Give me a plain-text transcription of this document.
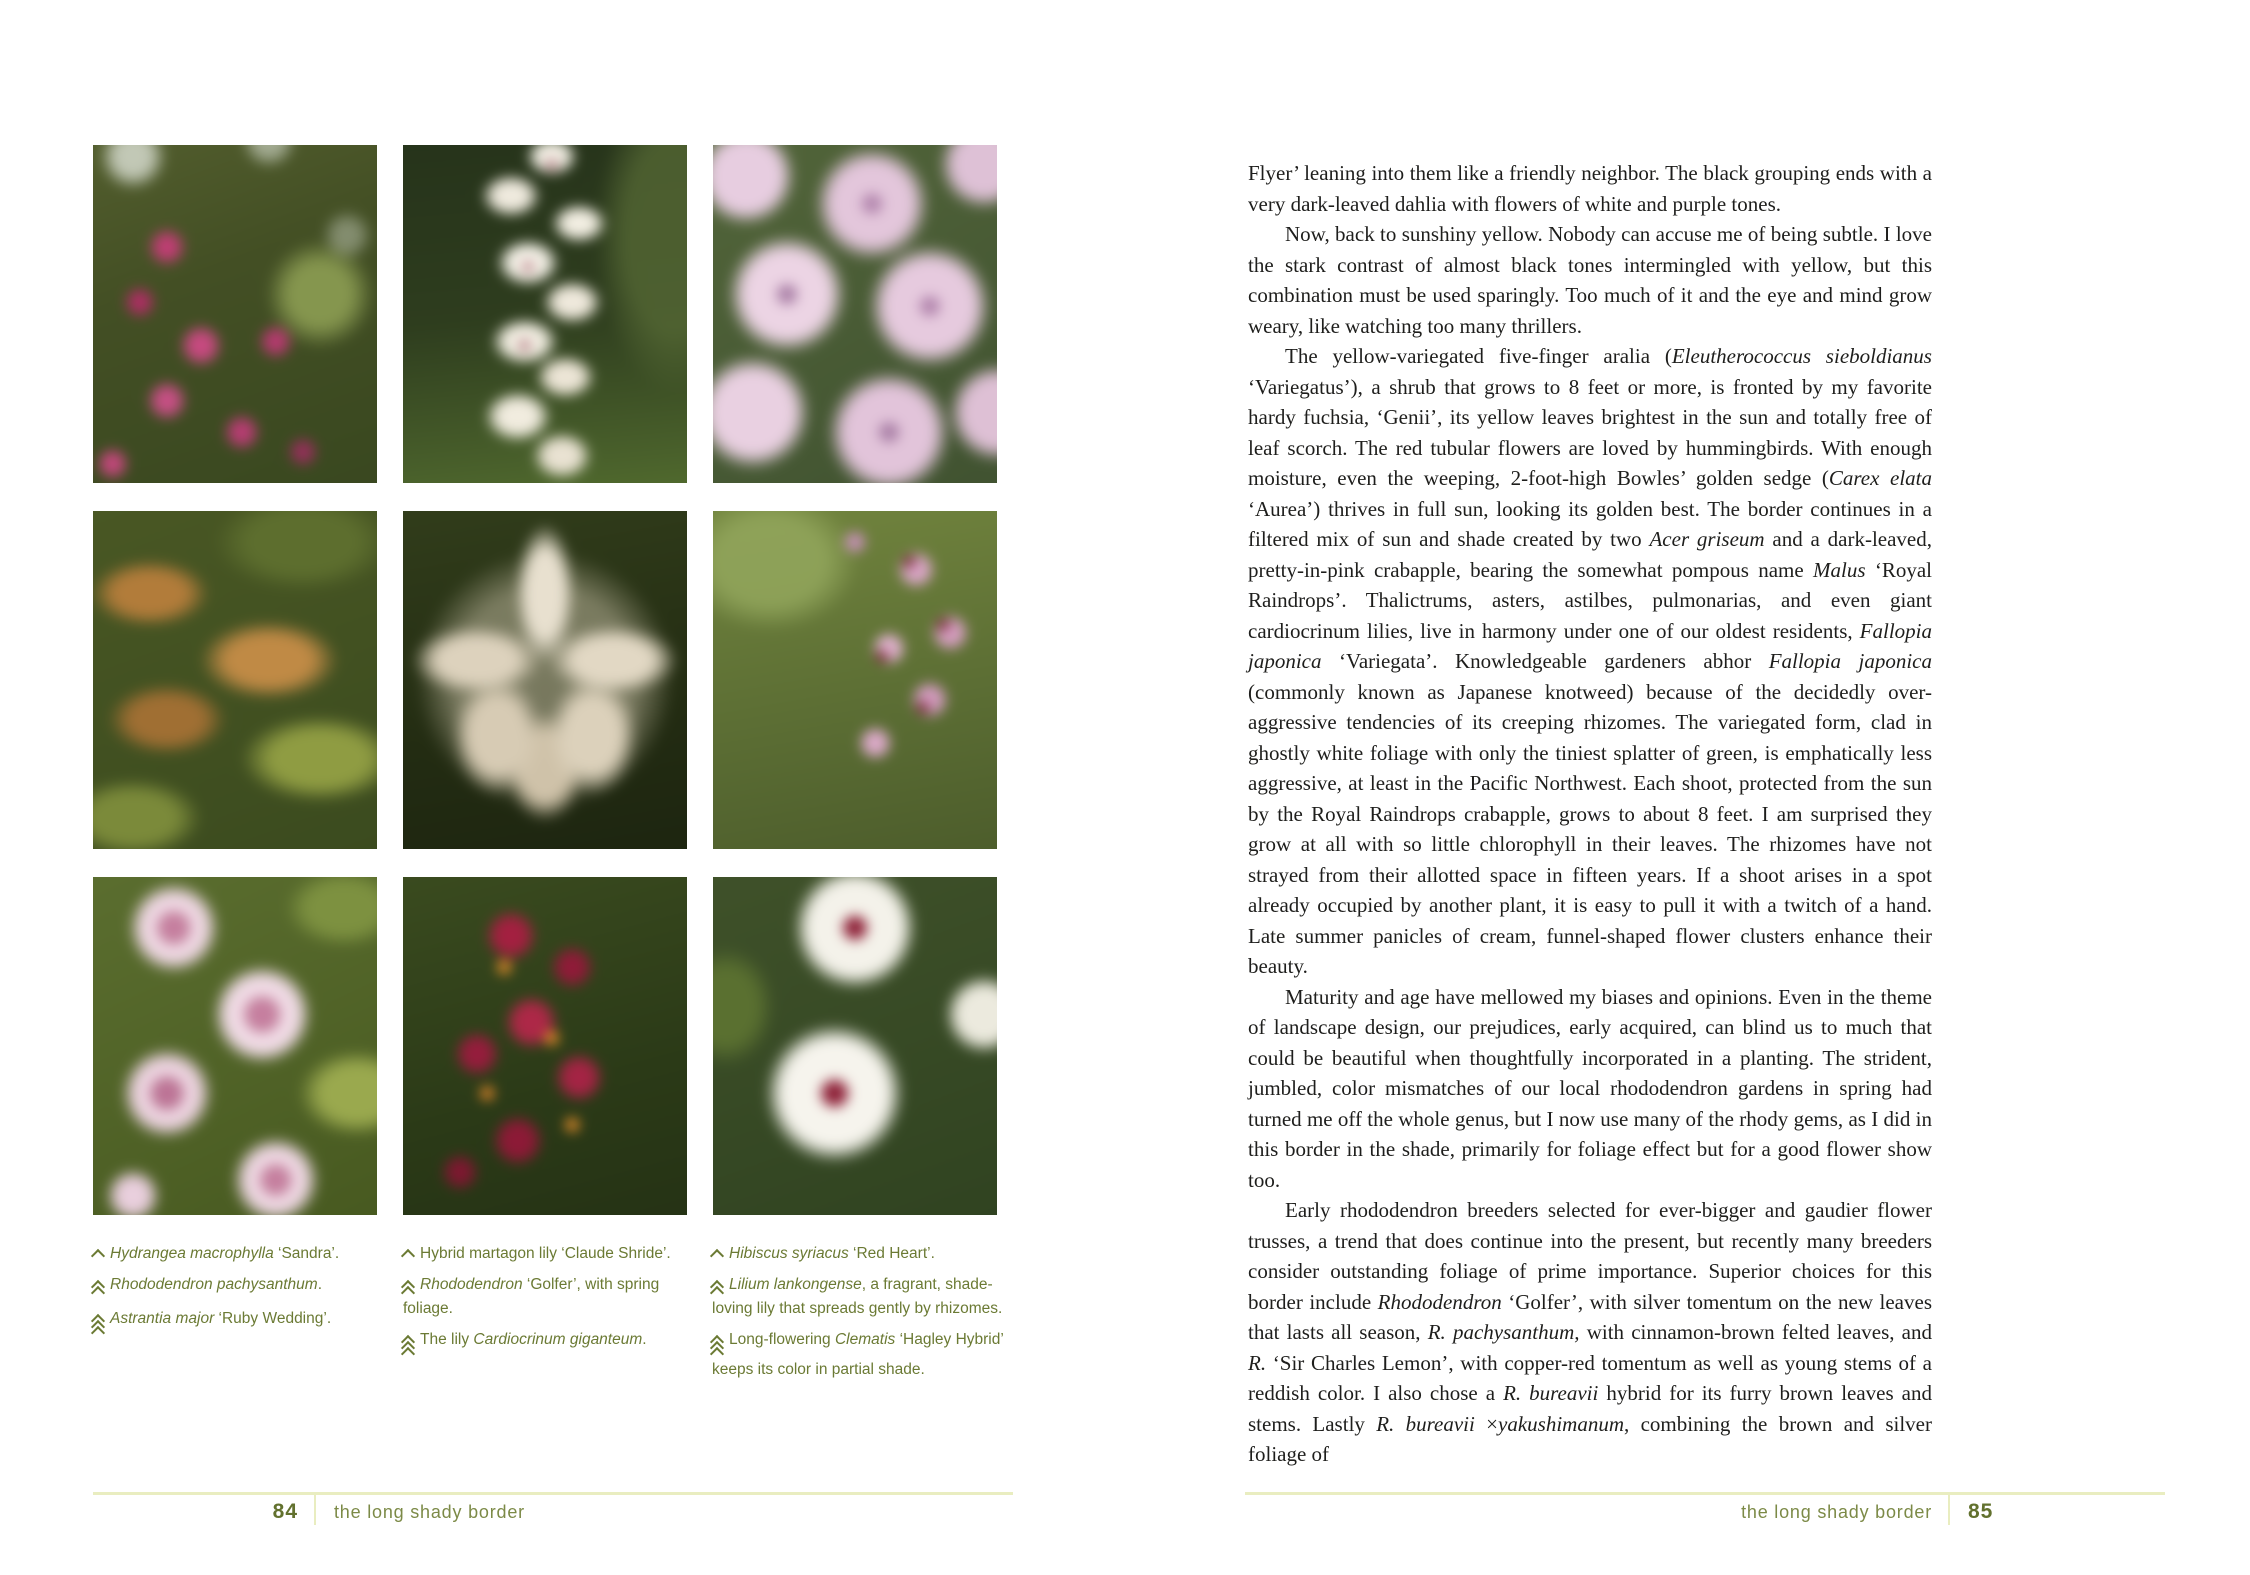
Hydrangea macrophylla ‘Sandra’.
Rhododendron pachysanthum.
Astrantia major ‘Ruby Wedding’.
Hybrid martagon lily ‘Claude Shride’.
Rhododendron ‘Golfer’, with spring foliage.
The lily Cardiocrinum giganteum.
Hibiscus syriacus ‘Red Heart’.
Lilium lankongense, a fragrant, shade-loving lily that spreads gently by rhizomes.
Long-flowering Clematis ‘Hagley Hybrid’ keeps its color in partial shade.

Flyer’ leaning into them like a friendly neighbor. The black grouping ends with a very dark-leaved dahlia with flowers of white and purple tones.

Now, back to sunshiny yellow. Nobody can accuse me of being subtle. I love the stark contrast of almost black tones intermingled with yellow, but this combination must be used sparingly. Too much of it and the eye and mind grow weary, like watching too many thrillers.

The yellow-variegated five-finger aralia (Eleutherococcus sieboldianus ‘Variegatus’), a shrub that grows to 8 feet or more, is fronted by my favorite hardy fuchsia, ‘Genii’, its yellow leaves brightest in the sun and totally free of leaf scorch. The red tubular flowers are loved by hummingbirds. With enough moisture, even the weeping, 2-foot-high Bowles’ golden sedge (Carex elata ‘Aurea’) thrives in full sun, looking its golden best. The border continues in a filtered mix of sun and shade created by two Acer griseum and a dark-leaved, pretty-in-pink crabapple, bearing the somewhat pompous name Malus ‘Royal Raindrops’. Thalictrums, asters, astilbes, pulmonarias, and even giant cardiocrinum lilies, live in harmony under one of our oldest residents, Fallopia japonica ‘Variegata’. Knowledgeable gardeners abhor Fallopia japonica (commonly known as Japanese knotweed) because of the decidedly over-aggressive tendencies of its creeping rhizomes. The variegated form, clad in ghostly white foliage with only the tiniest splatter of green, is emphatically less aggressive, at least in the Pacific Northwest. Each shoot, protected from the sun by the Royal Raindrops crabapple, grows to about 8 feet. I am surprised they grow at all with so little chlorophyll in their leaves. The rhizomes have not strayed from their allotted space in fifteen years. If a shoot arises in a spot already occupied by another plant, it is easy to pull it with a twitch of a hand. Late summer panicles of cream, funnel-shaped flower clusters enhance their beauty.

Maturity and age have mellowed my biases and opinions. Even in the theme of landscape design, our prejudices, early acquired, can blind us to much that could be beautiful when thoughtfully incorporated in a planting. The strident, jumbled, color mismatches of our local rhododendron gardens in spring had turned me off the whole genus, but I now use many of the rhody gems, as I did in this border in the shade, primarily for foliage effect but for a good flower show too.

Early rhododendron breeders selected for ever-bigger and gaudier flower trusses, a trend that does continue into the present, but recently many breeders consider outstanding foliage of prime importance. Superior choices for this border include Rhododendron ‘Golfer’, with silver tomentum on the new leaves that lasts all season, R. pachysanthum, with cinnamon-brown felted leaves, and R. ‘Sir Charles Lemon’, with copper-red tomentum as well as young stems of a reddish color. I also chose a R. bureavii hybrid for its furry brown leaves and stems. Lastly R. bureavii ×yakushimanum, combining the brown and silver foliage of

84	the long shady border	the long shady border	85
